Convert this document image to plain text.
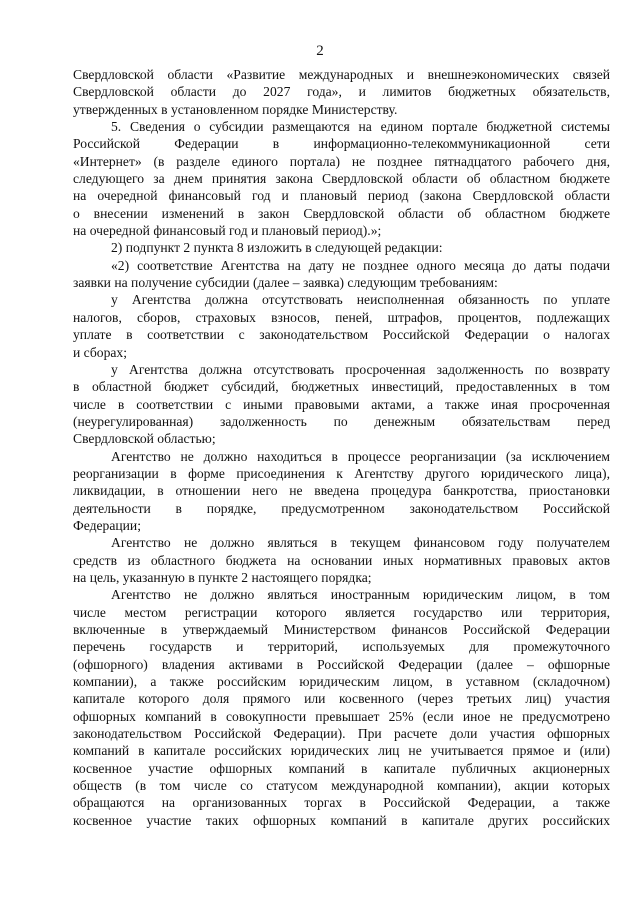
2
Свердловской области «Развитие международных и внешнеэкономических связей
Свердловской области до 2027 года», и лимитов бюджетных обязательств,
утвержденных в установленном порядке Министерству.
5. Сведения о субсидии размещаются на едином портале бюджетной системы
Российской Федерации в информационно-телекоммуникационной сети
«Интернет» (в разделе единого портала) не позднее пятнадцатого рабочего дня,
следующего за днем принятия закона Свердловской области об областном бюджете
на очередной финансовый год и плановый период (закона Свердловской области
о внесении изменений в закон Свердловской области об областном бюджете
на очередной финансовый год и плановый период).»;
2) подпункт 2 пункта 8 изложить в следующей редакции:
«2) соответствие Агентства на дату не позднее одного месяца до даты подачи
заявки на получение субсидии (далее – заявка) следующим требованиям:
у Агентства должна отсутствовать неисполненная обязанность по уплате
налогов, сборов, страховых взносов, пеней, штрафов, процентов, подлежащих
уплате в соответствии с законодательством Российской Федерации о налогах
и сборах;
у Агентства должна отсутствовать просроченная задолженность по возврату
в областной бюджет субсидий, бюджетных инвестиций, предоставленных в том
числе в соответствии с иными правовыми актами, а также иная просроченная
(неурегулированная) задолженность по денежным обязательствам перед
Свердловской областью;
Агентство не должно находиться в процессе реорганизации (за исключением
реорганизации в форме присоединения к Агентству другого юридического лица),
ликвидации, в отношении него не введена процедура банкротства, приостановки
деятельности в порядке, предусмотренном законодательством Российской
Федерации;
Агентство не должно являться в текущем финансовом году получателем
средств из областного бюджета на основании иных нормативных правовых актов
на цель, указанную в пункте 2 настоящего порядка;
Агентство не должно являться иностранным юридическим лицом, в том
числе местом регистрации которого является государство или территория,
включенные в утверждаемый Министерством финансов Российской Федерации
перечень государств и территорий, используемых для промежуточного
(офшорного) владения активами в Российской Федерации (далее – офшорные
компании), а также российским юридическим лицом, в уставном (складочном)
капитале которого доля прямого или косвенного (через третьих лиц) участия
офшорных компаний в совокупности превышает 25% (если иное не предусмотрено
законодательством Российской Федерации). При расчете доли участия офшорных
компаний в капитале российских юридических лиц не учитывается прямое и (или)
косвенное участие офшорных компаний в капитале публичных акционерных
обществ (в том числе со статусом международной компании), акции которых
обращаются на организованных торгах в Российской Федерации, а также
косвенное участие таких офшорных компаний в капитале других российских
